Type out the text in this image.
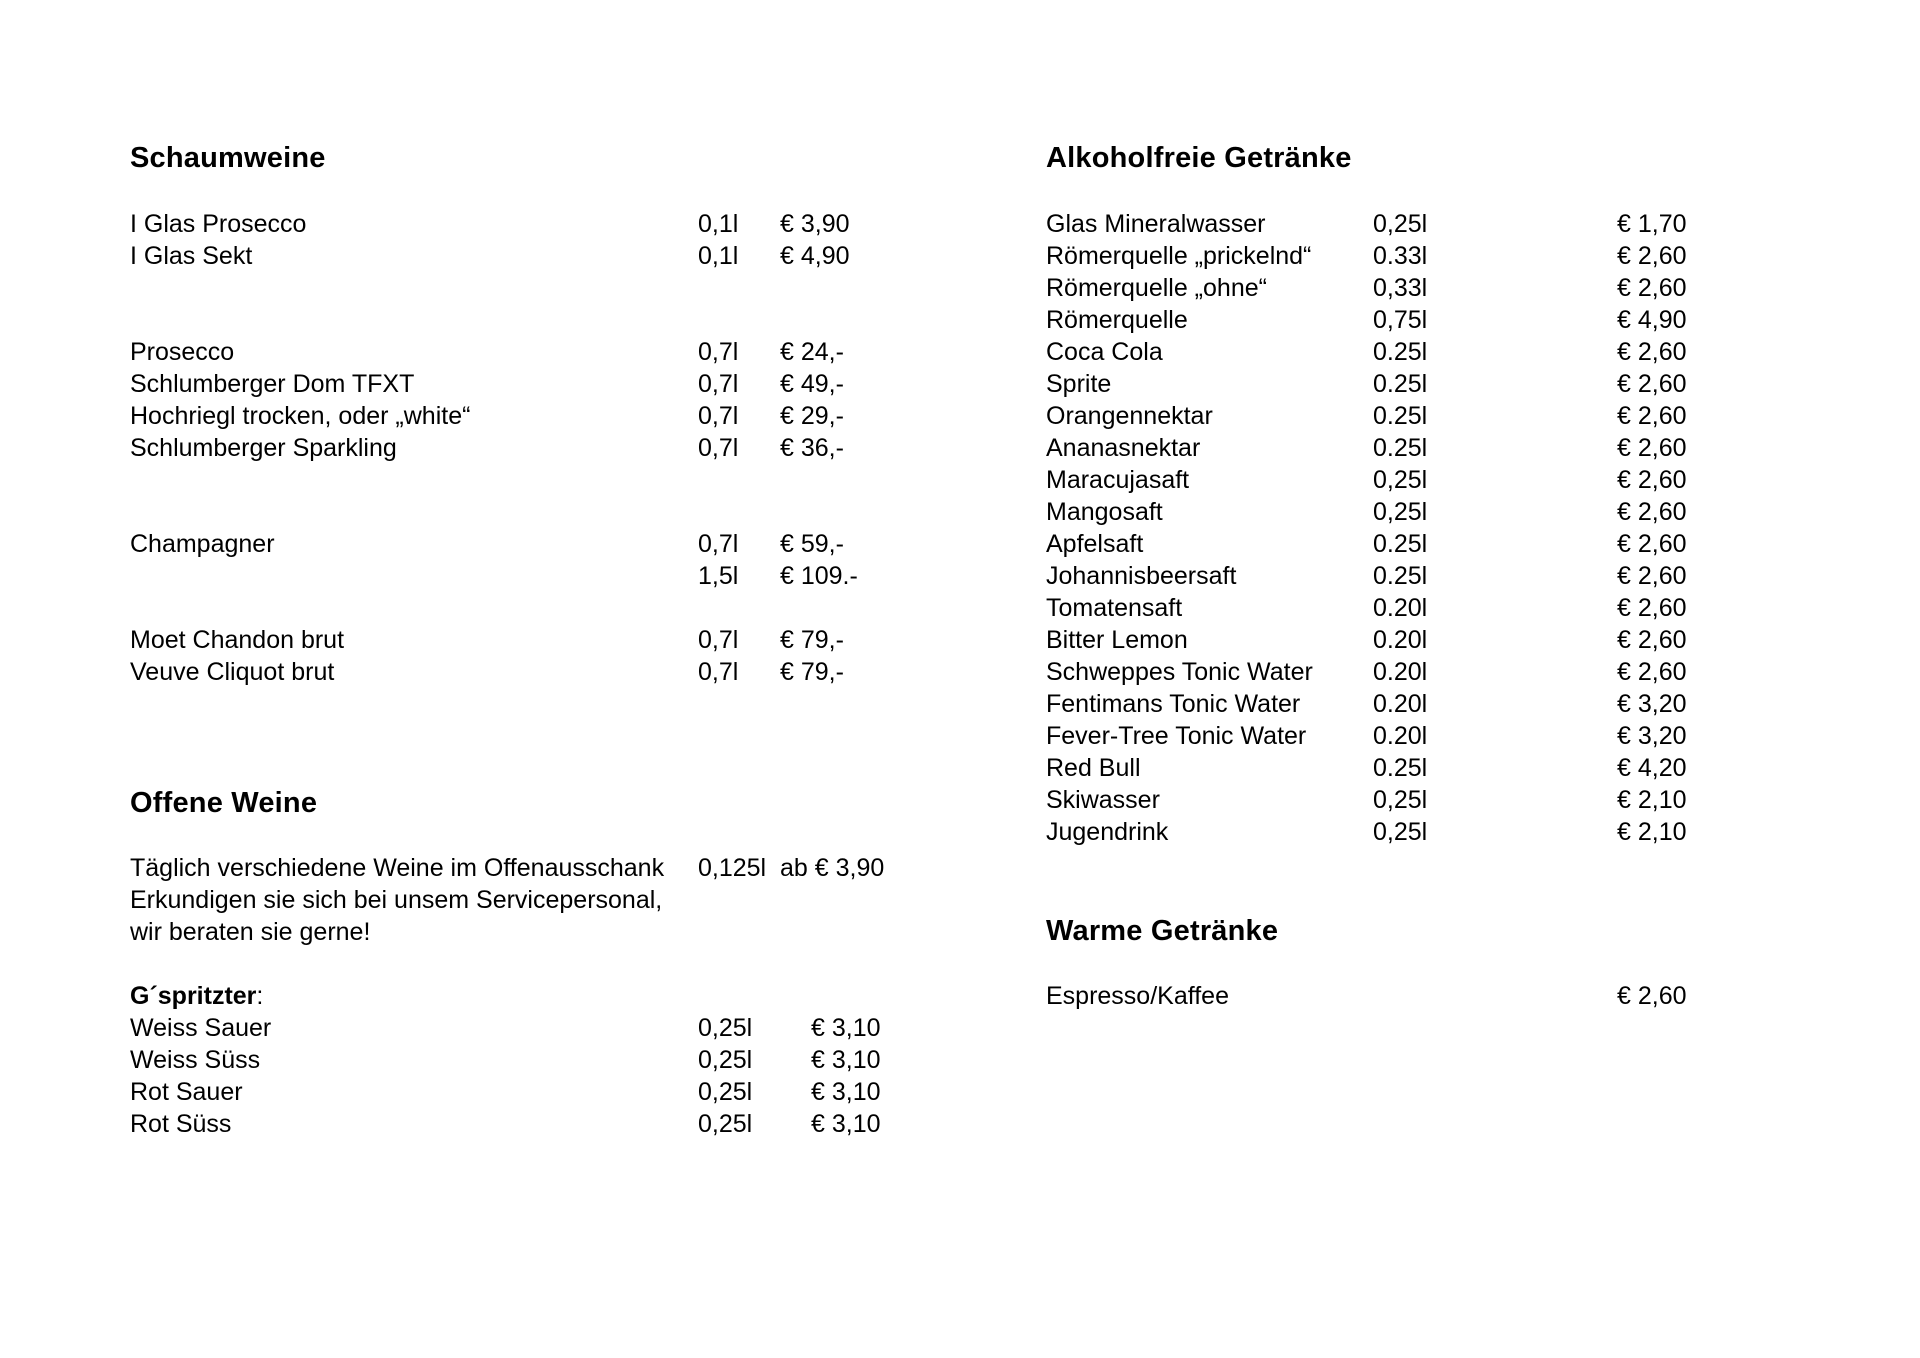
Schaumweine
I Glas Prosecco	0,1l € 3,90
I Glas Sekt	0,1l € 4,90
Prosecco	0,7l € 24,-
Schlumberger Dom TFXT	0,7l € 49,-
Hochriegl trocken, oder „white“	0,7l € 29,-
Schlumberger Sparkling	0,7l € 36,-
Champagner	0,7l € 59,-
1,5l € 109.-
Moet Chandon brut	0,7l € 79,-
Veuve Cliquot brut	0,7l € 79,-
Offene Weine
Täglich verschiedene Weine im Offenausschank 0,125l ab € 3,90
Erkundigen sie sich bei unsem Servicepersonal,
wir beraten sie gerne!
G´spritzter:
Weiss Sauer	0,25l € 3,10
Weiss Süss	0,25l € 3,10
Rot Sauer	0,25l € 3,10
Rot Süss	0,25l € 3,10
Alkoholfreie Getränke
Glas Mineralwasser	0,25l	€ 1,70
Römerquelle „prickelnd“ 0.33l	€ 2,60
Römerquelle „ohne“	0,33l	€ 2,60
Römerquelle	0,75l	€ 4,90
Coca Cola	0.25l	€ 2,60
Sprite	0.25l	€ 2,60
Orangennektar	0.25l	€ 2,60
Ananasnektar	0.25l	€ 2,60
Maracujasaft	0,25l	€ 2,60
Mangosaft	0,25l	€ 2,60
Apfelsaft	0.25l	€ 2,60
Johannisbeersaft	0.25l	€ 2,60
Tomatensaft	0.20l	€ 2,60
Bitter Lemon	0.20l	€ 2,60
Schweppes Tonic Water 0.20l	€ 2,60
Fentimans Tonic Water	0.20l	€ 3,20
Fever-Tree Tonic Water	0.20l	€ 3,20
Red Bull	0.25l	€ 4,20
Skiwasser	0,25l	€ 2,10
Jugendrink	0,25l	€ 2,10
Warme Getränke
Espresso/Kaffee	€ 2,60
